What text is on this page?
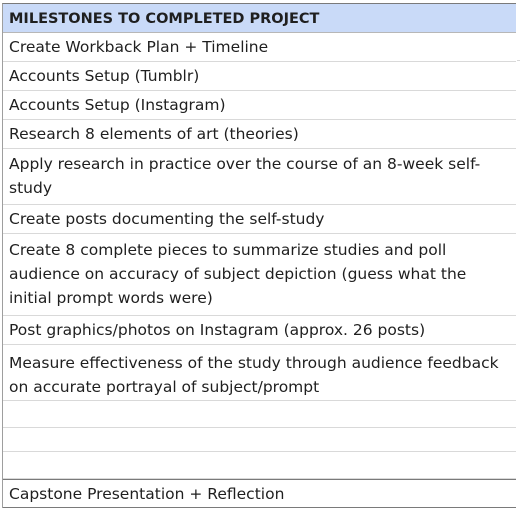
MILESTONES TO COMPLETED PROJECT
Create Workback Plan + Timeline
Accounts Setup (Tumblr)
Accounts Setup (Instagram)
Research 8 elements of art (theories)
Apply research in practice over the course of an 8-week self-study
Create posts documenting the self-study
Create 8 complete pieces to summarize studies and poll audience on accuracy of subject depiction (guess what the initial prompt words were)
Post graphics/photos on Instagram (approx. 26 posts)
Measure effectiveness of the study through audience feedback on accurate portrayal of subject/prompt
Capstone Presentation + Reflection
